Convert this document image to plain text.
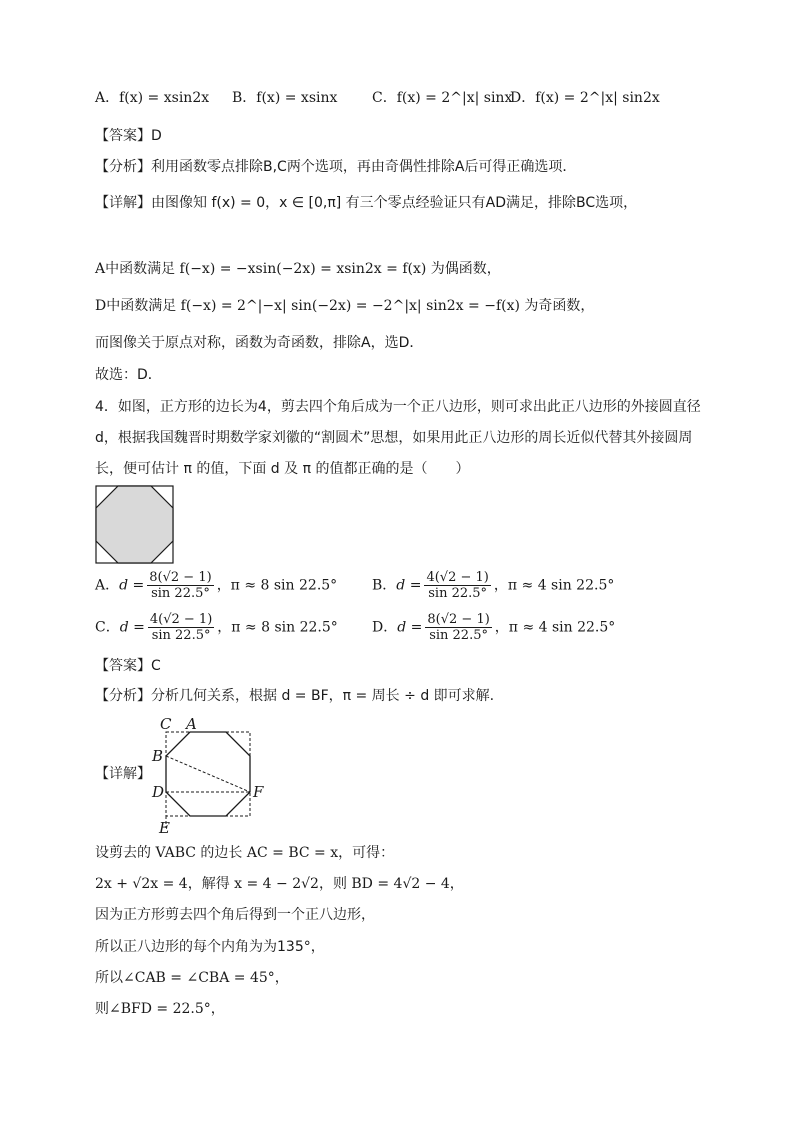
A．f(x) = xsin2x B．f(x) = xsinx C．f(x) = 2^|x| sinx
D．f(x) = 2^|x| sin2x
【答案】D
【分析】利用函数零点排除B,C两个选项，再由奇偶性排除A后可得正确选项．
【详解】由图像知 f(x) = 0，x ∈ [0,π] 有三个零点经验证只有AD满足，排除BC选项，
A中函数满足 f(−x) = −xsin(−2x) = xsin2x = f(x) 为偶函数，
D中函数满足 f(−x) = 2^|−x| sin(−2x) = −2^|x| sin2x = −f(x) 为奇函数，
而图像关于原点对称，函数为奇函数，排除A，选D．
故选：D．
4．如图，正方形的边长为4，剪去四个角后成为一个正八边形，则可求出此正八边形的外接圆直径
d，根据我国魏晋时期数学家刘徽的“割圆术”思想，如果用此正八边形的周长近似代替其外接圆周
长，便可估计 π 的值，下面 d 及 π 的值都正确的是（　　）
A．$d = \frac{8(√2 - 1)}{\sin 22.5^\circ}$ ，π ≈ 8 sin 22.5° B．$d = \frac{4(√2 - 1)}{\sin 22.5^\circ}$ ，π ≈ 4 sin 22.5°
C．$d = \frac{4(√2 - 1)}{\sin 22.5^\circ}$ ，π ≈ 8 sin 22.5° D．$d = \frac{8(√2 - 1)}{\sin 22.5^\circ}$ ，π ≈ 4 sin 22.5°
【答案】C
【分析】分析几何关系，根据 d = BF，π = 周长 ÷ d 即可求解.
【详解】
C A
B
D	F
E
设剪去的 VABC 的边长 AC = BC = x，可得：
2x + √2x = 4，解得 x = 4 − 2√2，则 BD = 4√2 − 4，
因为正方形剪去四个角后得到一个正八边形，
所以正八边形的每个内角为为135°，
所以∠CAB = ∠CBA = 45°，
则∠BFD = 22.5°，
